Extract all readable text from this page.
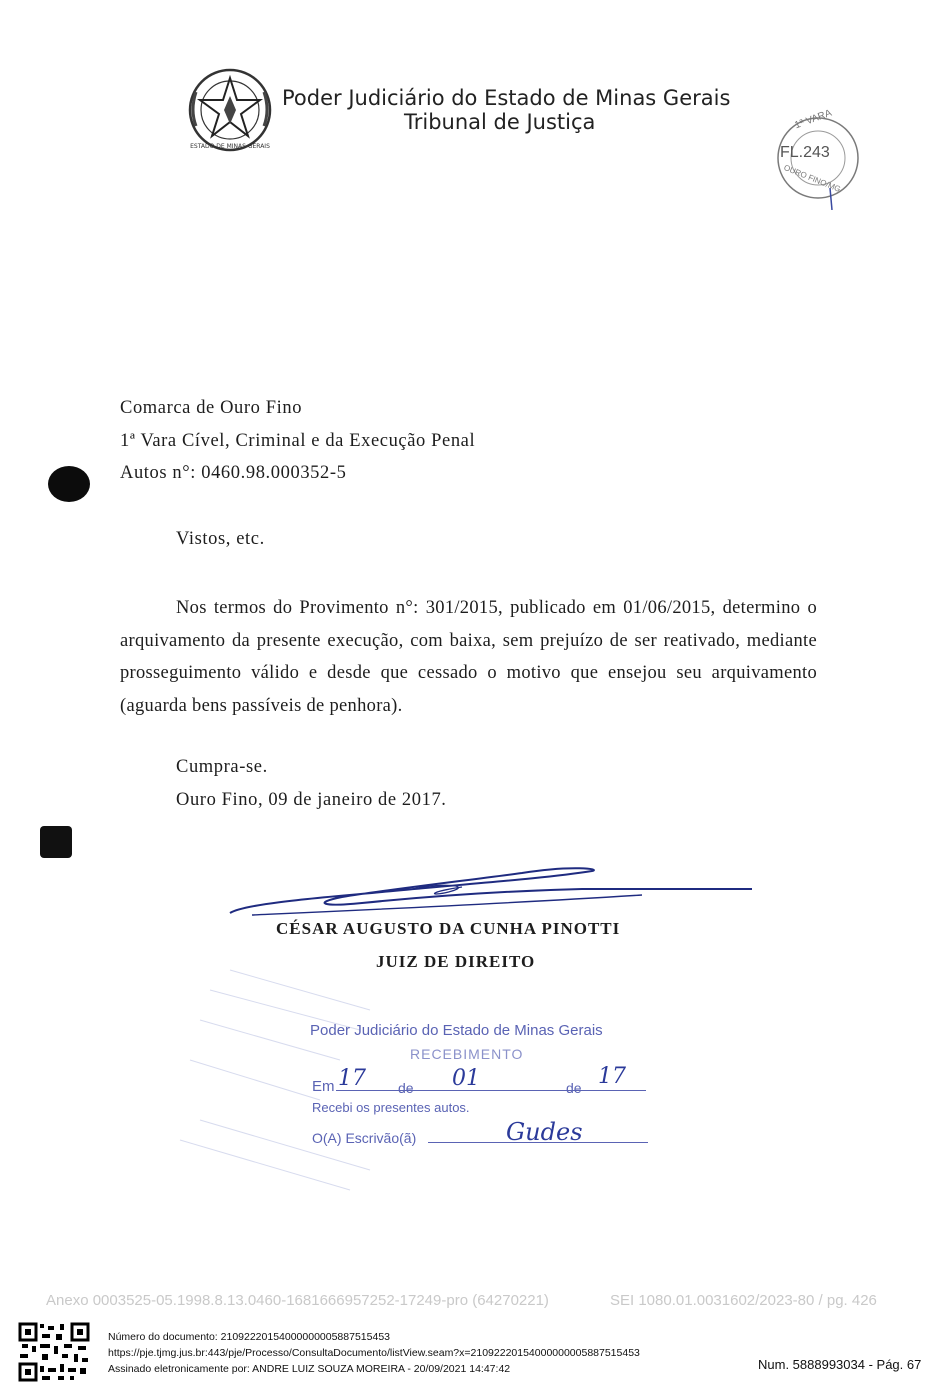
ESTADO DE MINAS GERAIS
Poder Judiciário do Estado de Minas Gerais
Tribunal de Justiça	1ª VARA
FL.243
OURO FINO/MG
Comarca de Ouro Fino
1ª Vara Cível, Criminal e da Execução Penal
Autos n°: 0460.98.000352-5
Vistos, etc.
Nos termos do Provimento n°: 301/2015, publicado em 01/06/2015, determino o arquivamento da presente execução, com baixa, sem prejuízo de ser reativado, mediante prosseguimento válido e desde que cessado o motivo que ensejou seu arquivamento (aguarda bens passíveis de penhora).
Cumpra-se.
Ouro Fino, 09 de janeiro de 2017.
CÉSAR AUGUSTO DA CUNHA PINOTTI
JUIZ DE DIREITO
Poder Judiciário do Estado de Minas Gerais
RECEBIMENTO
Em 17 de 01	de 17
Recebi os presentes autos.
O(A) Escrivão(ã)	Gudes
Anexo 0003525-05.1998.8.13.0460-1681666957252-17249-pro (64270221)	SEI 1080.01.0031602/2023-80 / pg. 426
Número do documento: 21092220154000000005887515453
https://pje.tjmg.jus.br:443/pje/Processo/ConsultaDocumento/listView.seam?x=21092220154000000005887515453
Assinado eletronicamente por: ANDRE LUIZ SOUZA MOREIRA - 20/09/2021 14:47:42	Num. 5888993034 - Pág. 67
